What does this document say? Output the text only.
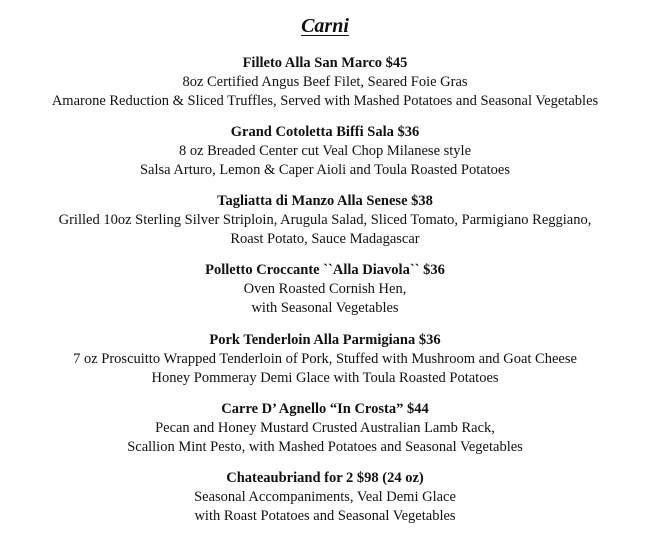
Carni
Filleto Alla San Marco $45
8oz Certified Angus Beef Filet, Seared Foie Gras
Amarone Reduction & Sliced Truffles, Served with Mashed Potatoes and Seasonal Vegetables
Grand Cotoletta Biffi Sala $36
8 oz Breaded Center cut Veal Chop Milanese style
Salsa Arturo, Lemon & Caper Aioli and Toula Roasted Potatoes
Tagliatta di Manzo Alla Senese $38
Grilled 10oz Sterling Silver Striploin, Arugula Salad, Sliced Tomato, Parmigiano Reggiano,
Roast Potato, Sauce Madagascar
Polletto Croccante ``Alla Diavola`` $36
Oven Roasted Cornish Hen,
with Seasonal Vegetables
Pork Tenderloin Alla Parmigiana $36
7 oz Proscuitto Wrapped Tenderloin of Pork, Stuffed with Mushroom and Goat Cheese
Honey Pommeray Demi Glace with Toula Roasted Potatoes
Carre D’ Agnello “In Crosta” $44
Pecan and Honey Mustard Crusted Australian Lamb Rack,
Scallion Mint Pesto, with Mashed Potatoes and Seasonal Vegetables
Chateaubriand for 2 $98 (24 oz)
Seasonal Accompaniments, Veal Demi Glace
with Roast Potatoes and Seasonal Vegetables
